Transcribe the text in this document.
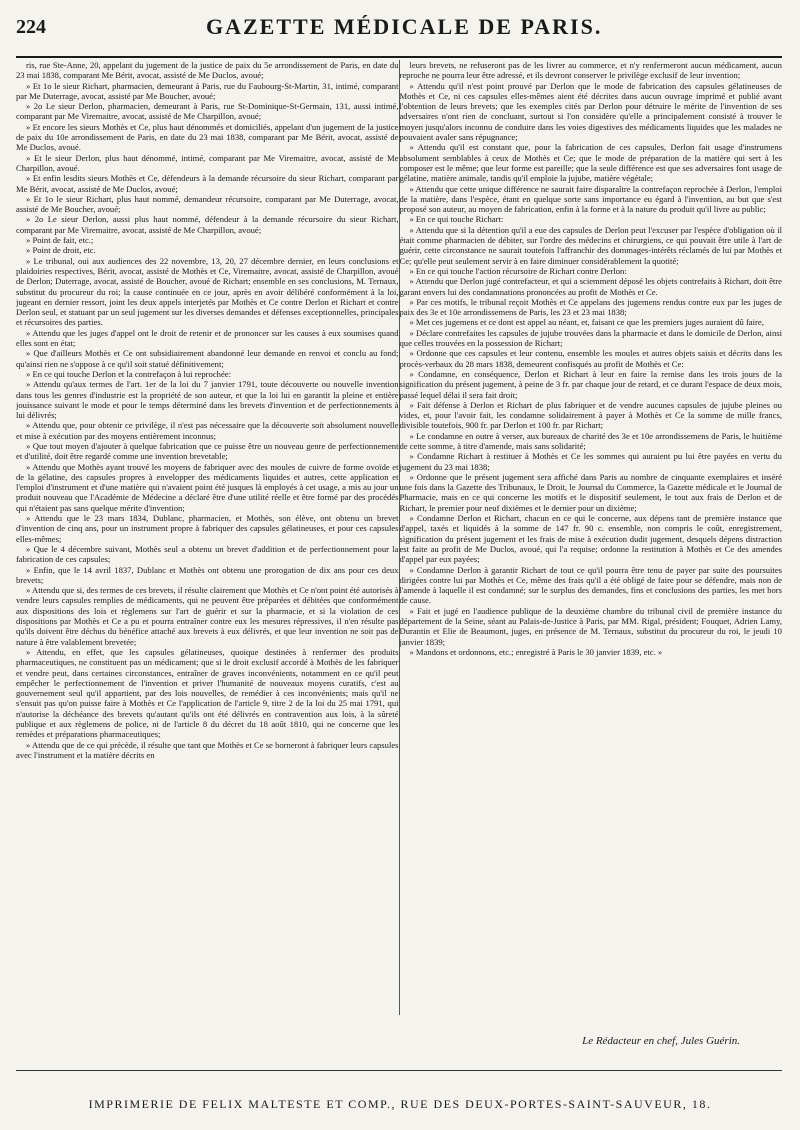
224	GAZETTE MÉDICALE DE PARIS.

ris, rue Ste-Anne, 20, appelant du jugement de la justice de paix du 5e arrondissement de Paris, en date du 23 mai 1838, comparant Me Bérit, avocat, assisté de Me Duclos, avoué;

» Et 1o le sieur Richart, pharmacien, demeurant à Paris, rue du Faubourg-St-Martin, 31, intimé, comparant par Me Duterrage, avocat, assisté par Me Boucher, avoué;

» 2o Le sieur Derlon, pharmacien, demeurant à Paris, rue St-Dominique-St-Germain, 131, aussi intimé, comparant par Me Viremaitre, avocat, assisté de Me Charpillon, avoué;

» Et encore les sieurs Mothès et Ce, plus haut dénommés et domiciliés, appelant d'un jugement de la justice de paix du 10e arrondissement de Paris, en date du 23 mai 1838, comparant par Me Bérit, avocat, assisté de Me Duclos, avoué.

» Et le sieur Derlon, plus haut dénommé, intimé, comparant par Me Viremaitre, avocat, assisté de Me Charpillon, avoué.

» Et enfin lesdits sieurs Mothès et Ce, défendeurs à la demande récursoire du sieur Richart, comparant par Me Bérit, avocat, assisté de Me Duclos, avoué;

» Et 1o le sieur Richart, plus haut nommé, demandeur récursoire, comparant par Me Duterrage, avocat, assisté de Me Boucher, avoué;

» 2o Le sieur Derlon, aussi plus haut nommé, défendeur à la demande récursoire du sieur Richart, comparant par Me Viremaitre, avocat, assisté de Me Charpillon, avoué;

» Point de fait, etc.;

» Point de droit, etc.

» Le tribunal, oui aux audiences des 22 novembre, 13, 20, 27 décembre dernier, en leurs conclusions et plaidoiries respectives, Bérit, avocat, assisté de Mothès et Ce, Viremaitre, avocat, assisté de Charpillon, avoué de Derlon; Duterrage, avocat, assisté de Boucher, avoué de Richart; ensemble en ses conclusions, M. Ternaux, substitut du procureur du roi; la cause continuée en ce jour, après en avoir délibéré conformément à la loi, jugeant en dernier ressort, joint les deux appels interjetés par Mothès et Ce contre Derlon et Richart et contre Derlon seul, et statuant par un seul jugement sur les diverses demandes et défenses exceptionnelles, principales et récursoires des parties.

» Attendu que les juges d'appel ont le droit de retenir et de prononcer sur les causes à eux soumises quand elles sont en état;

» Que d'ailleurs Mothès et Ce ont subsidiairement abandonné leur demande en renvoi et conclu au fond; qu'ainsi rien ne s'oppose à ce qu'il soit statué définitivement;

» En ce qui touche Derlon et la contrefaçon à lui reprochée:

» Attendu qu'aux termes de l'art. 1er de la loi du 7 janvier 1791, toute découverte ou nouvelle invention dans tous les genres d'industrie est la propriété de son auteur, et que la loi lui en garantit la pleine et entière jouissance suivant le mode et pour le temps déterminé dans les brevets d'invention et de perfectionnements à lui délivrés;

» Attendu que, pour obtenir ce privilège, il n'est pas nécessaire que la découverte soit absolument nouvelle et mise à exécution par des moyens entièrement inconnus;

» Que tout moyen d'ajouter à quelque fabrication que ce puisse être un nouveau genre de perfectionnement et d'utilité, doit être regardé comme une invention brevetable;

» Attendu que Mothès ayant trouvé les moyens de fabriquer avec des moules de cuivre de forme ovoïde et de la gélatine, des capsules propres à envelopper des médicaments liquides et autres, cette application et l'emploi d'instrument et d'une matière qui n'avaient point été jusques là employés à cet usage, a mis au jour un produit nouveau que l'Académie de Médecine a déclaré être d'une utilité réelle et être formé par des procédés qui n'étaient pas sans quelque mérite d'invention;

» Attendu que le 23 mars 1834, Dublanc, pharmacien, et Mothès, son élève, ont obtenu un brevet d'invention de cinq ans, pour un instrument propre à fabriquer des capsules gélatineuses, et pour ces capsules elles-mêmes;

» Que le 4 décembre suivant, Mothès seul a obtenu un brevet d'addition et de perfectionnement pour la fabrication de ces capsules;

» Enfin, que le 14 avril 1837, Dublanc et Mothès ont obtenu une prorogation de dix ans pour ces deux brevets;

» Attendu que si, des termes de ces brevets, il résulte clairement que Mothès et Ce n'ont point été autorisés à vendre leurs capsules remplies de médicaments, qui ne peuvent être préparées et débitées que conformément aux dispositions des lois et règlemens sur l'art de guérir et sur la pharmacie, et si la violation de ces dispositions par Mothès et Ce a pu et pourra entraîner contre eux les mesures répressives, il n'en résulte pas qu'ils doivent être déchus du bénéfice attaché aux brevets à eux délivrés, et que leur invention ne soit pas de nature à être valablement brevetée;

» Attendu, en effet, que les capsules gélatineuses, quoique destinées à renfermer des produits pharmaceutiques, ne constituent pas un médicament; que si le droit exclusif accordé à Mothès de les fabriquer et vendre peut, dans certaines circonstances, entraîner de graves inconvénients, notamment en ce qu'il peut empêcher le perfectionnement de l'invention et priver l'humanité de nouveaux moyens curatifs, c'est au gouvernement seul qu'il appartient, par des lois nouvelles, de remédier à ces inconvénients; mais qu'il ne s'ensuit pas qu'on puisse faire à Mothès et Ce l'application de l'article 9, titre 2 de la loi du 25 mai 1791, qui n'autorise la déchéance des brevets qu'autant qu'ils ont été délivrés en contravention aux lois, à la sûreté publique et aux règlemens de police, ni de l'article 8 du décret du 18 août 1810, qui ne concerne que les remèdes et préparations pharmaceutiques;

» Attendu que de ce qui précède, il résulte que tant que Mothès et Ce se borneront à fabriquer leurs capsules avec l'instrument et la matière décrits en

leurs brevets, ne refuseront pas de les livrer au commerce, et n'y renfermeront aucun médicament, aucun reproche ne pourra leur être adressé, et ils devront conserver le privilège exclusif de leur invention;

» Attendu qu'il n'est point prouvé par Derlon que le mode de fabrication des capsules gélatineuses de Mothès et Ce, ni ces capsules elles-mêmes aient été décrites dans aucun ouvrage imprimé et publié avant l'obtention de leurs brevets; que les exemples cités par Derlon pour détruire le mérite de l'invention de ses adversaires n'ont rien de concluant, surtout si l'on considère qu'elle a principalement consisté à trouver le moyen jusqu'alors inconnu de conduire dans les voies digestives des médicaments liquides que les malades ne pouvaient avaler sans répugnance;

» Attendu qu'il est constant que, pour la fabrication de ces capsules, Derlon fait usage d'instrumens absolument semblables à ceux de Mothès et Ce; que le mode de préparation de la matière qui sert à les composer est le même; que leur forme est pareille; que la seule différence est que ses adversaires font usage de gélatine, matière animale, tandis qu'il emploie la jujube, matière végétale;

» Attendu que cette unique différence ne saurait faire disparaître la contrefaçon reprochée à Derlon, l'emploi de la matière, dans l'espèce, étant en quelque sorte sans importance eu égard à l'invention, au but que s'est proposé son auteur, au moyen de fabrication, enfin à la forme et à la nature du produit qu'il livre au public;

» En ce qui touche Richart:

» Attendu que si la détention qu'il a eue des capsules de Derlon peut l'excuser par l'espèce d'obligation où il était comme pharmacien de débiter, sur l'ordre des médecins et chirurgiens, ce qui pouvait être utile à l'art de guérir, cette circonstance ne saurait toutefois l'affranchir des dommages-intérêts réclamés de lui par Mothès et Ce; qu'elle peut seulement servir à en faire diminuer considérablement la quotité;

» En ce qui touche l'action récursoire de Richart contre Derlon:

» Attendu que Derlon jugé contrefacteur, et qui a sciemment déposé les objets contrefaits à Richart, doit être garant envers lui des condamnations prononcées au profit de Mothès et Ce.

» Par ces motifs, le tribunal reçoit Mothès et Ce appelans des jugemens rendus contre eux par les juges de paix des 3e et 10e arrondissemens de Paris, les 23 et 23 mai 1838;

» Met ces jugemens et ce dont est appel au néant, et, faisant ce que les premiers juges auraient dû faire,

» Déclare contrefaites les capsules de jujube trouvées dans la pharmacie et dans le domicile de Derlon, ainsi que celles trouvées en la possession de Richart;

» Ordonne que ces capsules et leur contenu, ensemble les moules et autres objets saisis et décrits dans les procès-verbaux du 28 mars 1838, demeurent confisqués au profit de Mothès et Ce:

» Condamne, en conséquence, Derlon et Richart à leur en faire la remise dans les trois jours de la signification du présent jugement, à peine de 3 fr. par chaque jour de retard, et ce durant l'espace de deux mois, passé lequel délai il sera fait droit;

» Fait défense à Derlon et Richart de plus fabriquer et de vendre aucunes capsules de jujube pleines ou vides, et, pour l'avoir fait, les condamne solidairement à payer à Mothès et Ce la somme de mille francs, divisible toutefois, 900 fr. par Derlon et 100 fr. par Richart;

» Le condamne en outre à verser, aux bureaux de charité des 3e et 10e arrondissemens de Paris, le huitième de cette somme, à titre d'amende, mais sans solidarité;

» Condamne Richart à restituer à Mothès et Ce les sommes qui auraient pu lui être payées en vertu du jugement du 23 mai 1838;

» Ordonne que le présent jugement sera affiché dans Paris au nombre de cinquante exemplaires et inséré une fois dans la Gazette des Tribunaux, le Droit, le Journal du Commerce, la Gazette médicale et le Journal de Pharmacie, mais en ce qui concerne les motifs et le dispositif seulement, le tout aux frais de Derlon et de Richart, le premier pour neuf dixièmes et le dernier pour un dixième;

» Condamne Derlon et Richart, chacun en ce qui le concerne, aux dépens tant de première instance que d'appel, taxés et liquidés à la somme de 147 fr. 90 c. ensemble, non compris le coût, enregistrement, signification du présent jugement et les frais de mise à exécution dudit jugement, desquels dépens distraction est faite au profit de Me Duclos, avoué, qui l'a requise; ordonne la restitution à Mothès et Ce des amendes d'appel par eux payées;

» Condamne Derlon à garantir Richart de tout ce qu'il pourra être tenu de payer par suite des poursuites dirigées contre lui par Mothès et Ce, même des frais qu'il a été obligé de faire pour se défendre, mais non de l'amende à laquelle il est condamné; sur le surplus des demandes, fins et conclusions des parties, les met hors de cause.

» Fait et jugé en l'audience publique de la deuxième chambre du tribunal civil de première instance du département de la Seine, séant au Palais-de-Justice à Paris, par MM. Rigal, président; Fouquet, Adrien Lamy, Durantin et Elie de Beaumont, juges, en présence de M. Ternaux, substitut du procureur du roi, le jeudi 10 janvier 1839;

» Mandons et ordonnons, etc.; enregistré à Paris le 30 janvier 1839, etc. »

Le Rédacteur en chef, Jules Guérin.
IMPRIMERIE DE FELIX MALTESTE ET COMP., RUE DES DEUX-PORTES-SAINT-SAUVEUR, 18.
